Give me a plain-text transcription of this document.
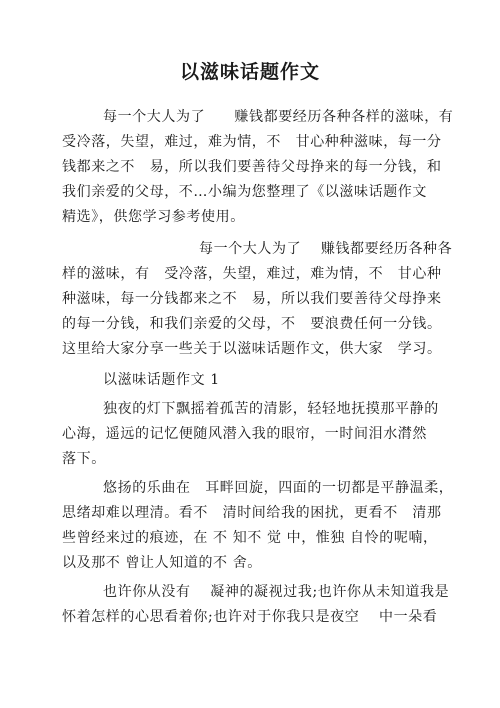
以滋味话题作文
每一个大人为了　　赚钱都要经历各种各样的滋味，有
受冷落，失望，难过，难为情，不　甘心种种滋味，每一分
钱都来之不　易，所以我们要善待父母挣来的每一分钱，和
我们亲爱的父母，不…小编为您整理了《以滋味话题作文
精选》，供您学习参考使用。
每一个大人为了　 赚钱都要经历各种各
样的滋味，有　受冷落，失望，难过，难为情，不　甘心种
种滋味，每一分钱都来之不　易，所以我们要善待父母挣来
的每一分钱，和我们亲爱的父母，不　要浪费任何一分钱。
这里给大家分享一些关于以滋味话题作文，供大家　学习。
以滋味话题作文 1
独夜的灯下飘摇着孤苦的清影，轻轻地抚摸那平静的
心海，遥远的记忆便随风潜入我的眼帘，一时间泪水潸然
落下。
悠扬的乐曲在　耳畔回旋，四面的一切都是平静温柔，
思绪却难以理清。看不　清时间给我的困扰，更看不　清那
些曾经来过的痕迹，在 不 知不 觉 中，惟独 自怜的呢喃，
以及那不 曾让人知道的不 舍。
也许你从没有　 凝神的凝视过我;也许你从未知道我是
怀着怎样的心思看着你;也许对于你我只是夜空　 中一朵看
